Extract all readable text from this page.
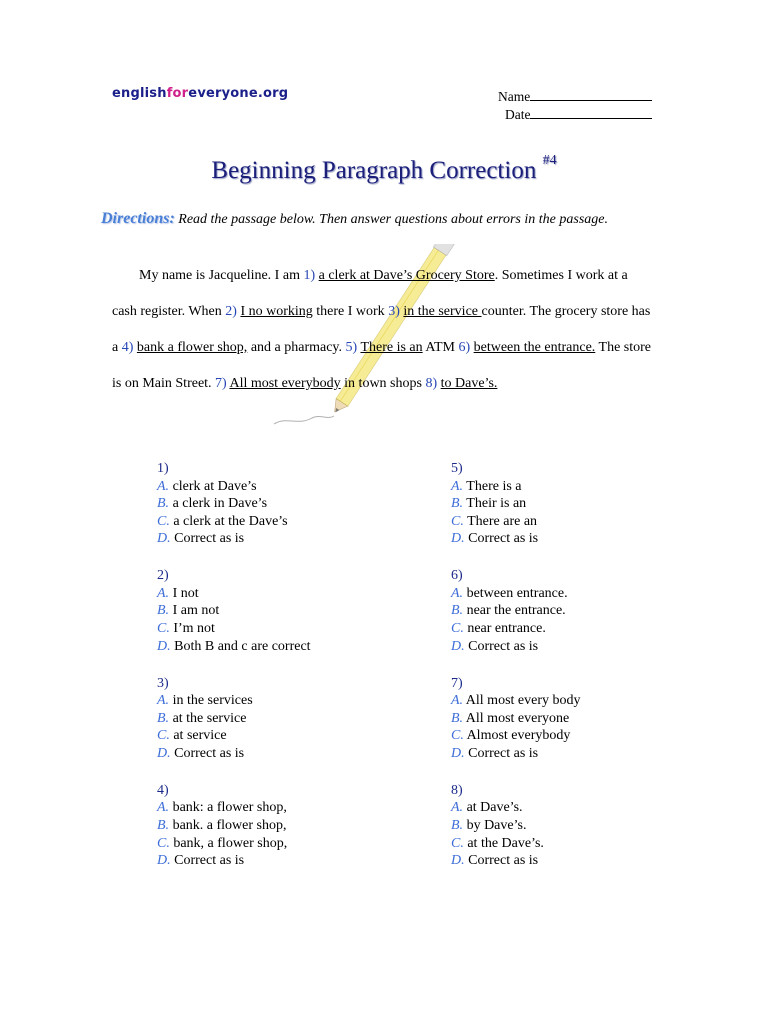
englishforeveryone.org	Name
Date
Beginning Paragraph Correction $^{\#4}$
Directions: Read the passage below. Then answer questions about errors in the passage.

My name is Jacqueline. I am 1) a clerk at Dave’s Grocery Store. Sometimes I work at a cash register. When 2) I no working there I work 3) in the service counter. The grocery store has a 4) bank a flower shop, and a pharmacy. 5) There is an ATM 6) between the entrance. The store is on Main Street. 7) All most everybody in town shops 8) to Dave’s.

1)
A. clerk at Dave’s
B. a clerk in Dave’s
C. a clerk at the Dave’s
D. Correct as is
2)
A. I not
B. I am not
C. I’m not
D. Both B and c are correct
3)
A. in the services
B. at the service
C. at service
D. Correct as is
4)
A. bank: a flower shop,
B. bank. a flower shop,
C. bank, a flower shop,
D. Correct as is
5)
A. There is a
B. Their is an
C. There are an
D. Correct as is
6)
A. between entrance.
B. near the entrance.
C. near entrance.
D. Correct as is
7)
A. All most every body
B. All most everyone
C. Almost everybody
D. Correct as is
8)
A. at Dave’s.
B. by Dave’s.
C. at the Dave’s.
D. Correct as is
